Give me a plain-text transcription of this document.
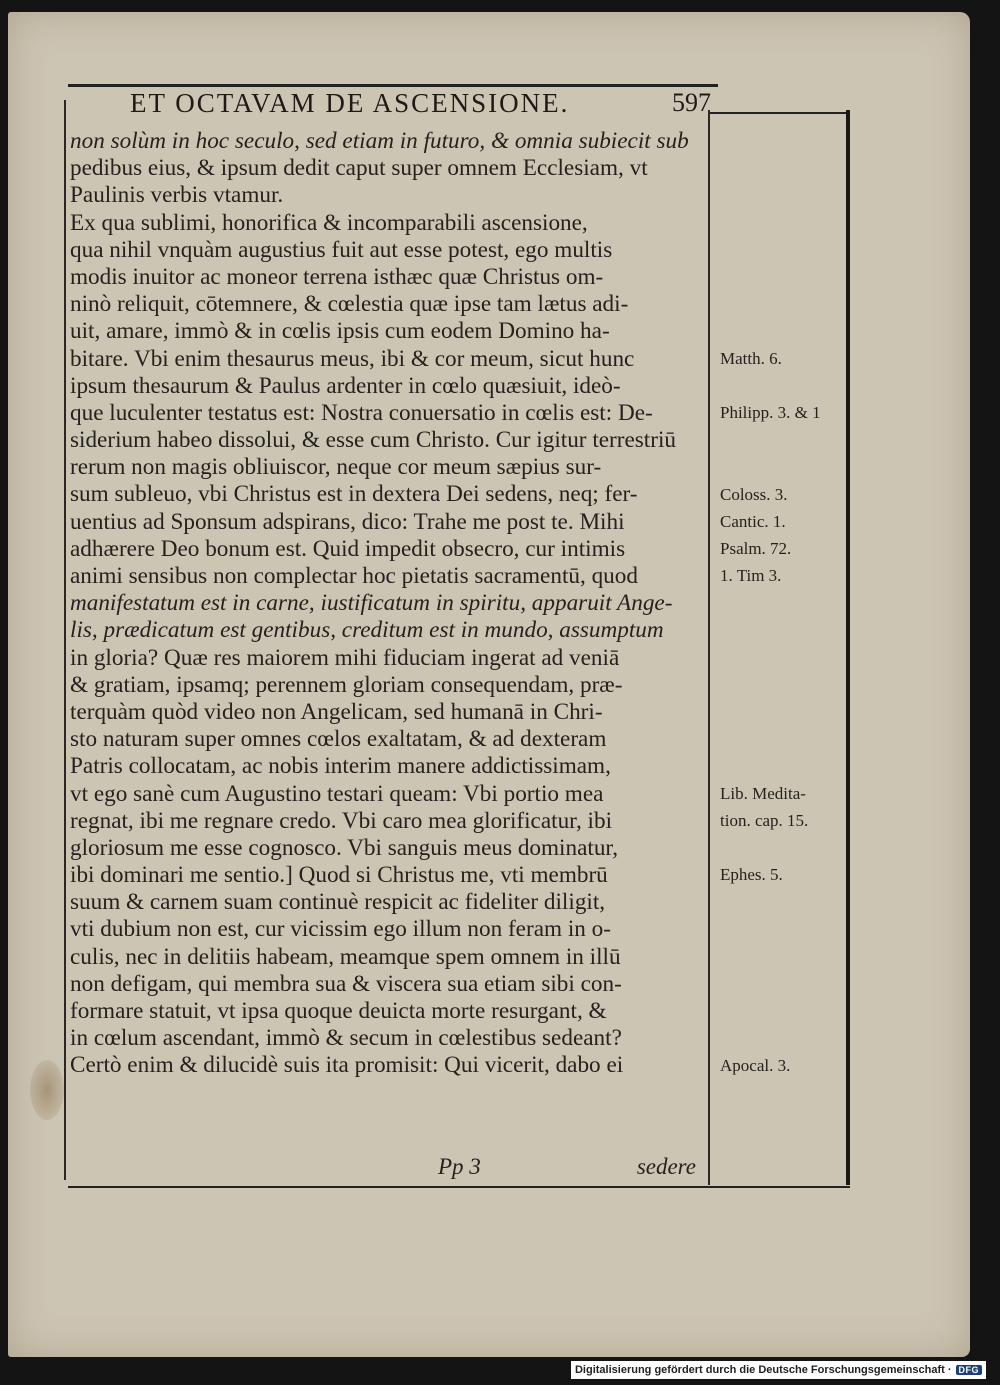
ET OCTAVAM DE ASCENSIONE.	597
non solùm in hoc seculo, sed etiam in futuro, & omnia subiecit sub
pedibus eius, & ipsum dedit caput super omnem Ecclesiam, vt
Paulinis verbis vtamur.
Ex qua sublimi, honorifica & incomparabili ascensione,
qua nihil vnquàm augustius fuit aut esse potest, ego multis
modis inuitor ac moneor terrena isthæc quæ Christus om-
ninò reliquit, cōtemnere, & cœlestia quæ ipse tam lætus adi-
uit, amare, immò & in cœlis ipsis cum eodem Domino ha-
bitare. Vbi enim thesaurus meus, ibi & cor meum, sicut hunc
ipsum thesaurum & Paulus ardenter in cœlo quæsiuit, ideò-
que luculenter testatus est: Nostra conuersatio in cœlis est: De-
siderium habeo dissolui, & esse cum Christo. Cur igitur terrestriū
rerum non magis obliuiscor, neque cor meum sæpius sur-
sum subleuo, vbi Christus est in dextera Dei sedens, neq; fer-
uentius ad Sponsum adspirans, dico: Trahe me post te. Mihi
adhærere Deo bonum est. Quid impedit obsecro, cur intimis
animi sensibus non complectar hoc pietatis sacramentū, quod
manifestatum est in carne, iustificatum in spiritu, apparuit Ange-
lis, prædicatum est gentibus, creditum est in mundo, assumptum
in gloria? Quæ res maiorem mihi fiduciam ingerat ad veniā
& gratiam, ipsamq; perennem gloriam consequendam, præ-
terquàm quòd video non Angelicam, sed humanā in Chri-
sto naturam super omnes cœlos exaltatam, & ad dexteram
Patris collocatam, ac nobis interim manere addictissimam,
vt ego sanè cum Augustino testari queam: Vbi portio mea
regnat, ibi me regnare credo. Vbi caro mea glorificatur, ibi
gloriosum me esse cognosco. Vbi sanguis meus dominatur,
ibi dominari me sentio.] Quod si Christus me, vti membrū
suum & carnem suam continuè respicit ac fideliter diligit,
vti dubium non est, cur vicissim ego illum non feram in o-
culis, nec in delitiis habeam, meamque spem omnem in illū
non defigam, qui membra sua & viscera sua etiam sibi con-
formare statuit, vt ipsa quoque deuicta morte resurgant, &
in cœlum ascendant, immò & secum in cœlestibus sedeant?
Certò enim & dilucidè suis ita promisit: Qui vicerit, dabo ei
Matth. 6.
Philipp. 3. & 1
Coloss. 3.
Cantic. 1.
Psalm. 72.
1. Tim 3.
Lib. Medita-
tion. cap. 15.
Ephes. 5.
Apocal. 3.
Pp 3	sedere
Digitalisierung gefördert durch die Deutsche Forschungsgemeinschaft · DFG
